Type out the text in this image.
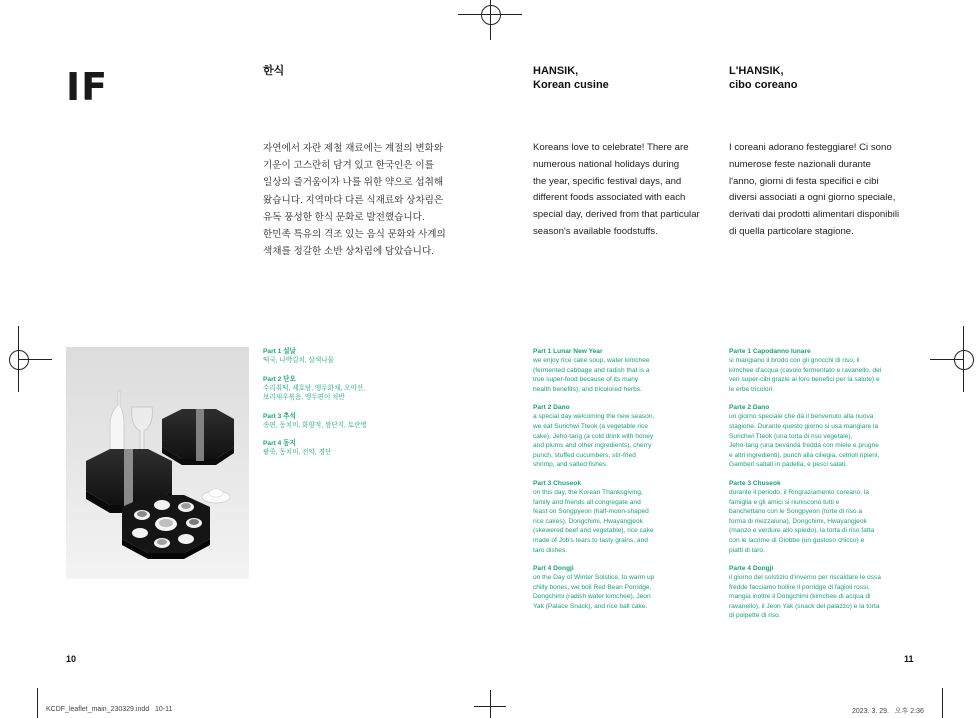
IF	한식
자연에서 자란 제철 재료에는 계절의 변화와
기운이 고스란히 담겨 있고 한국인은 이를
일상의 즐거움이자 나를 위한 약으로 섭취해
왔습니다. 지역마다 다른 식재료와 상차림은
유독 풍성한 한식 문화로 발전했습니다.
한민족 특유의 격조 있는 음식 문화와 사계의
색채를 정갈한 소반 상차림에 담았습니다.
HANSIK,
Korean cusine
Koreans love to celebrate! There are
numerous national holidays during
the year, specific festival days, and
different foods associated with each
special day, derived from that particular
season's available foodstuffs.
L'HANSIK,
cibo coreano
I coreani adorano festeggiare! Ci sono
numerose feste nazionali durante
l'anno, giorni di festa specifici e cibi
diversi associati a ogni giorno speciale,
derivati dai prodotti alimentari disponibili
di quella particolare stagione.
Part 1 설날
떡국, 나박김치, 삼색나물
Part 2 단오
수리취떡, 제호탕, 앵두화채, 오이선,
보리새우볶음, 앵두편이 차반
Part 3 추석
송편, 동치미, 화양적, 쌈단지, 토란병
Part 4 동지
팥죽, 동치미, 전약, 경단
Part 1 Lunar New Year
we enjoy rice cake soup, water kimchee
(fermented cabbage and radish that is a
true super-food because of its many
health benefits), and tricolored herbs.
Part 2 Dano
a special day welcoming the new season,
we eat Surichwi Tteok (a vegetable rice
cake), Jeho-tang (a cold drink with honey
and plums and other ingredients), cherry
punch, stuffed cucumbers, stir-fried
shrimp, and salted fishes.
Part 3 Chuseok
on this day, the Korean Thanksgiving,
family and friends all congregate and
feast on Songpyeon (half-moon-shaped
rice cakes), Dongchimi, Hwayangjeok
(skewered beef and vegetable), rice cake
made of Job's tears to tasty grains, and
taro dishes.
Part 4 Dongji
on the Day of Winter Solstice, to warm up
chilly bones, we boil Red Bean Porridge,
Dongchimi (radish water kimchee), Jeon
Yak (Palace Snack), and rice ball cake.
Parte 1 Capodanno lunare
si mangiano il brodo con gli gnocchi di riso, il
kimchee d'acqua (cavolo fermentato e ravanello, dei
veri super-cibi grazie ai loro benefici per la salute) e
le erbe tricolori.
Parte 2 Dano
un giorno speciale che dà il benvenuto alla nuova
stagione. Durante questo giorno si usa mangiare la
Surichwi Tteok (una torta di riso vegetale),
Jeho-tang (una bevanda fredda con miele e prugne
e altri ingredienti), punch alla ciliegia, cetrioli ripieni,
Gamberi saltati in padella, e pesci salati.
Parte 3 Chuseok
durante il periodo, il Ringraziamento coreano, la
famiglia e gli amici si riuniscono tutti e
banchettano con le Songpyeon (torte di riso a
forma di mezzaluna), Dongchimi, Hwayangjeok
(manzo e verdure allo spiedo), la torta di riso fatta
con le lacrime di Giobbe (un gustoso chicco) e
piatti di taro.
Parte 4 Dongji
il giorno del solstizio d'inverno per riscaldare le ossa
fredde facciamo bollire il porridge di fagioli rossi,
mangia inoltre il Dongchimi (kimchee di acqua di
ravanello), il Jeon Yak (snack del palazzo) e la torta
di polpette di riso.
10	11
KCDF_leaflet_main_230329.indd   10-11	2023. 3. 29.   오후 2:36
